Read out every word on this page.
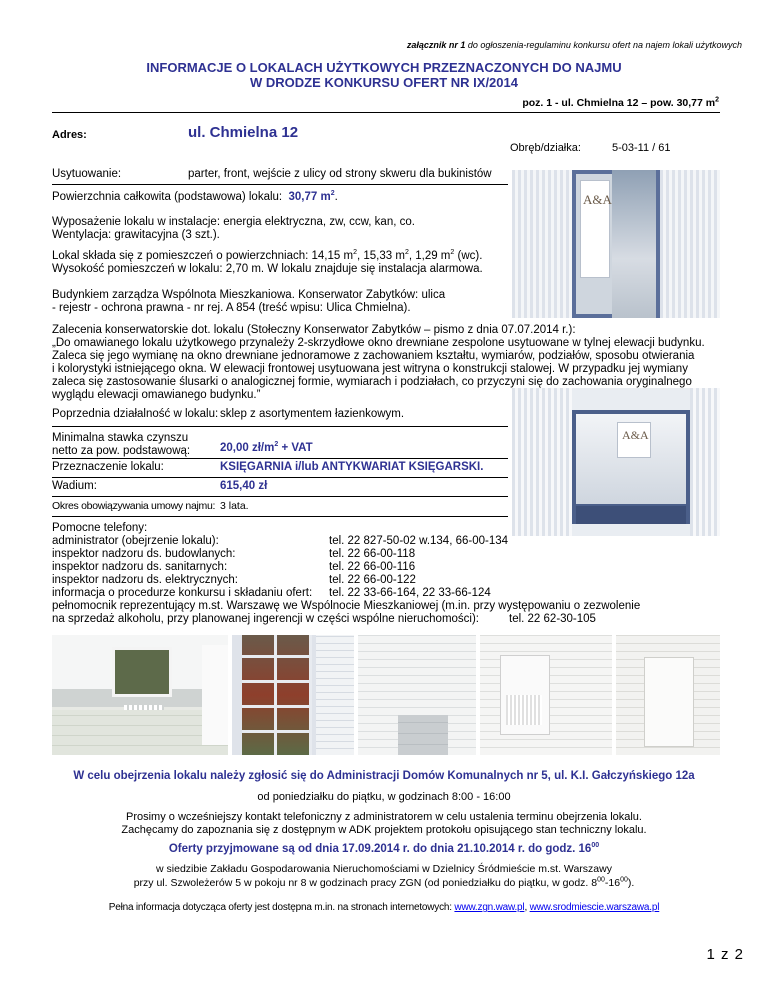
załącznik nr 1 do ogłoszenia-regulaminu konkursu ofert na najem lokali użytkowych
INFORMACJE O LOKALACH UŻYTKOWYCH PRZEZNACZONYCH DO NAJMU
W DRODZE KONKURSU OFERT NR IX/2014
poz. 1 - ul. Chmielna 12 – pow. 30,77 $m^2$
Adres:	ul. Chmielna 12
Obręb/działka:	5-03-11 / 61
Usytuowanie:	parter, front, wejście z ulicy od strony skweru dla bukinistów
Powierzchnia całkowita (podstawowa) lokalu: 30,77 $m^2$.
Wyposażenie lokalu w instalacje: energia elektryczna, zw, ccw, kan, co.
Wentylacja: grawitacyjna (3 szt.).
Lokal składa się z pomieszczeń o powierzchniach: 14,15 $m^2$, 15,33 $m^2$, 1,29 $m^2$ (wc).
Wysokość pomieszczeń w lokalu: 2,70 m. W lokalu znajduje się instalacja alarmowa.
Budynkiem zarządza Wspólnota Mieszkaniowa. Konserwator Zabytków: ulica
- rejestr - ochrona prawna - nr rej. A 854 (treść wpisu: Ulica Chmielna).
A&A
Zalecenia konserwatorskie dot. lokalu (Stołeczny Konserwator Zabytków – pismo z dnia 07.07.2014 r.):
„Do omawianego lokalu użytkowego przynależy 2-skrzydłowe okno drewniane zespolone usytuowane w tylnej elewacji budynku.
Zaleca się jego wymianę na okno drewniane jednoramowe z zachowaniem kształtu, wymiarów, podziałów, sposobu otwierania
i kolorystyki istniejącego okna. W elewacji frontowej usytuowana jest witryna o konstrukcji stalowej. W przypadku jej wymiany
zaleca się zastosowanie ślusarki o analogicznej formie, wymiarach i podziałach, co przyczyni się do zachowania oryginalnego
wyglądu elewacji omawianego budynku.”
Poprzednia działalność w lokalu: sklep z asortymentem łazienkowym.
Minimalna stawka czynszu
netto za pow. podstawową:	20,00 $zł/m^2$ + VAT
Przeznaczenie lokalu:	KSIĘGARNIA i/lub ANTYKWARIAT KSIĘGARSKI.
Wadium:	615,40 zł
Okres obowiązywania umowy najmu: 3 lata.
A&A
Pomocne telefony:
administrator (obejrzenie lokalu):	tel. 22 827-50-02 w.134, 66-00-134
inspektor nadzoru ds. budowlanych:	tel. 22 66-00-118
inspektor nadzoru ds. sanitarnych:	tel. 22 66-00-116
inspektor nadzoru ds. elektrycznych:	tel. 22 66-00-122
informacja o procedurze konkursu i składaniu ofert: tel. 22 33-66-164, 22 33-66-124
pełnomocnik reprezentujący m.st. Warszawę we Wspólnocie Mieszkaniowej (m.in. przy występowaniu o zezwolenie
na sprzedaż alkoholu, przy planowanej ingerencji w części wspólne nieruchomości):	tel. 22 62-30-105
W celu obejrzenia lokalu należy zgłosić się do Administracji Domów Komunalnych nr 5, ul. K.I. Gałczyńskiego 12a
od poniedziałku do piątku, w godzinach 8:00 - 16:00
Prosimy o wcześniejszy kontakt telefoniczny z administratorem w celu ustalenia terminu obejrzenia lokalu.
Zachęcamy do zapoznania się z dostępnym w ADK projektem protokołu opisującego stan techniczny lokalu.
Oferty przyjmowane są od dnia 17.09.2014 r. do dnia 21.10.2014 r. do godz. $16^{00}$
w siedzibie Zakładu Gospodarowania Nieruchomościami w Dzielnicy Śródmieście m.st. Warszawy
przy ul. Szwoleżerów 5 w pokoju nr 8 w godzinach pracy ZGN (od poniedziałku do piątku, w godz. $8^{00}-16^{00}$).
Pełna informacja dotycząca oferty jest dostępna m.in. na stronach internetowych: www.zgn.waw.pl, www.srodmiescie.warszawa.pl
1 z 2
